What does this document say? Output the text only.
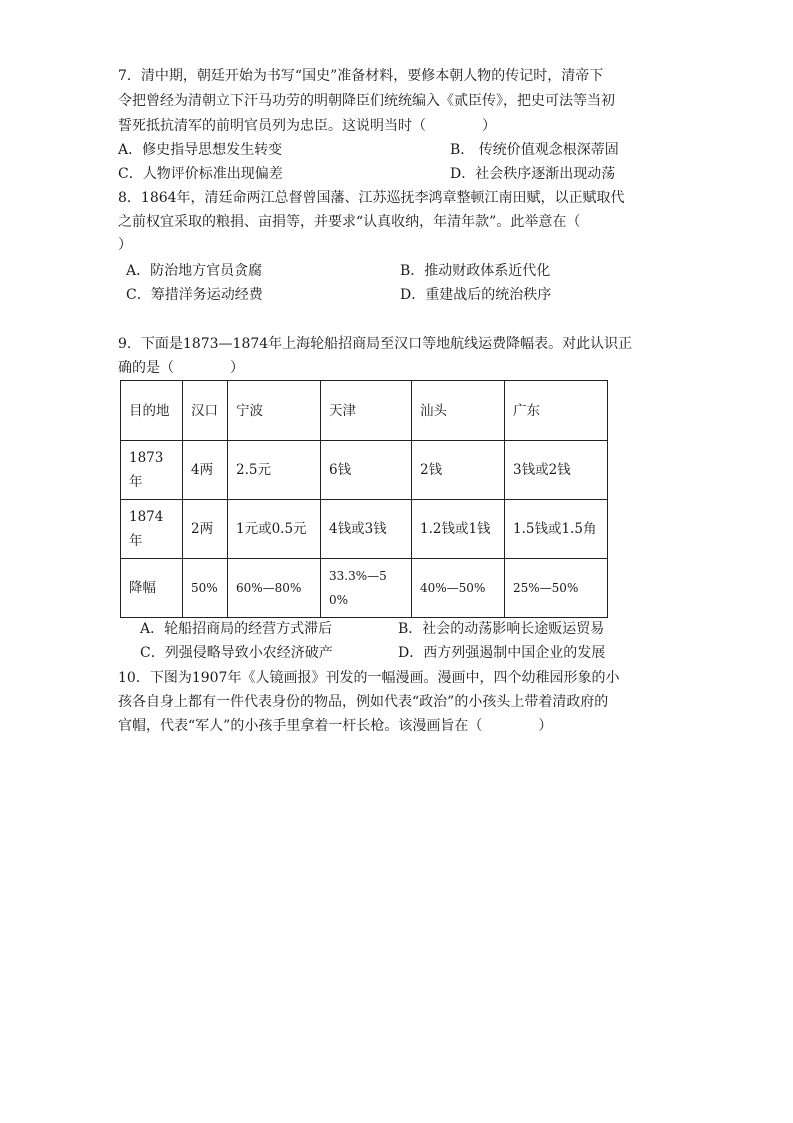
7．清中期，朝廷开始为书写“国史”准备材料，要修本朝人物的传记时，清帝下
令把曾经为清朝立下汗马功劳的明朝降臣们统统编入《贰臣传》，把史可法等当初
誓死抵抗清军的前明官员列为忠臣。这说明当时（　　　　）
A．修史指导思想发生转变	B． 传统价值观念根深蒂固
C．人物评价标准出现偏差	D．社会秩序逐渐出现动荡
8．1864年，清廷命两江总督曾国藩、江苏巡抚李鸿章整顿江南田赋，以正赋取代
之前权宜采取的粮捐、亩捐等，并要求“认真收纳，年清年款”。此举意在（
）
A．防治地方官员贪腐	B．推动财政体系近代化
C．筹措洋务运动经费	D．重建战后的统治秩序
9．下面是1873—1874年上海轮船招商局至汉口等地航线运费降幅表。对此认识正
确的是（　　　　）
目的地	汉口	宁波	天津	汕头	广东
1873年	4两	2.5元	6钱	2钱	3钱或2钱
1874年	2两	1元或0.5元	4钱或3钱	1.2钱或1钱	1.5钱或1.5角
降幅	50%	60%—80%	33.3%—50%	40%—50%	25%—50%
A．轮船招商局的经营方式滞后	B．社会的动荡影响长途贩运贸易
C．列强侵略导致小农经济破产	D．西方列强遏制中国企业的发展
10．下图为1907年《人镜画报》刊发的一幅漫画。漫画中，四个幼稚园形象的小
孩各自身上都有一件代表身份的物品，例如代表“政治”的小孩头上带着清政府的
官帽，代表“军人”的小孩手里拿着一杆长枪。该漫画旨在（　　　　）
